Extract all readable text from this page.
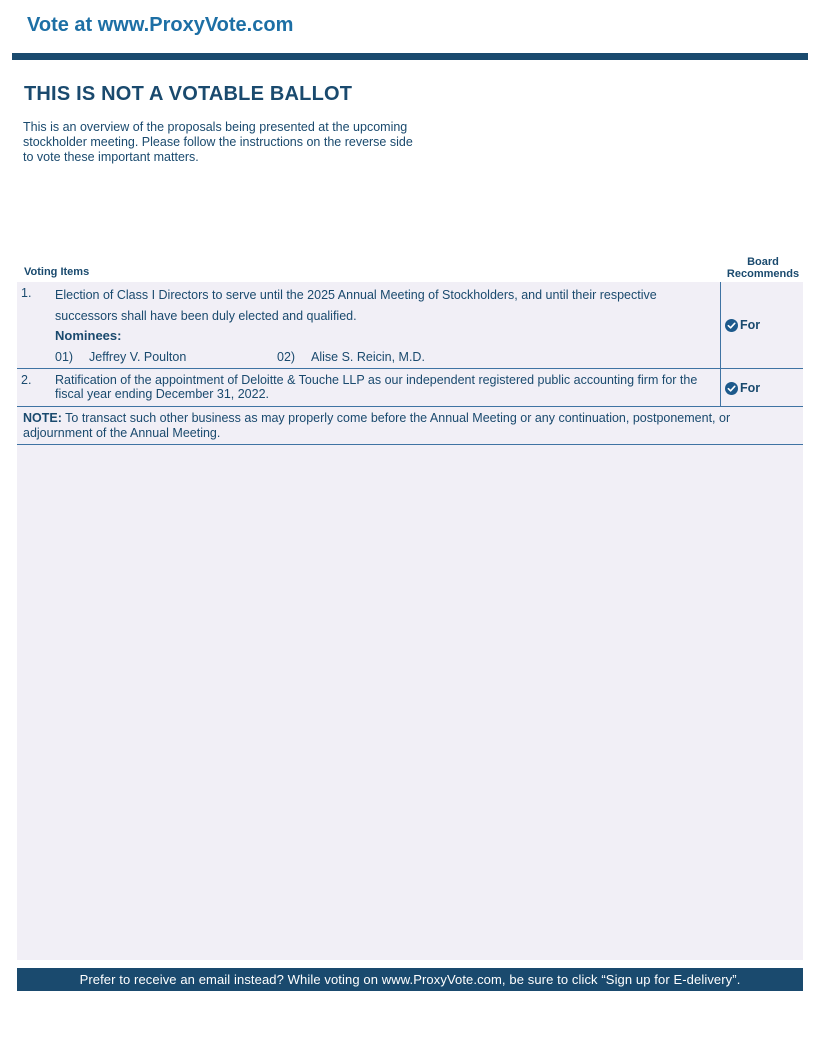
Vote at www.ProxyVote.com
THIS IS NOT A VOTABLE BALLOT
This is an overview of the proposals being presented at the upcoming stockholder meeting. Please follow the instructions on the reverse side to vote these important matters.
Voting Items
Board
Recommends
1. Election of Class I Directors to serve until the 2025 Annual Meeting of Stockholders, and until their respective successors shall have been duly elected and qualified.
Nominees:
01) Jeffrey V. Poulton	02) Alise S. Reicin, M.D.
For
2. Ratification of the appointment of Deloitte & Touche LLP as our independent registered public accounting firm for the fiscal year ending December 31, 2022.	For
NOTE: To transact such other business as may properly come before the Annual Meeting or any continuation, postponement, or adjournment of the Annual Meeting.
Prefer to receive an email instead? While voting on www.ProxyVote.com, be sure to click “Sign up for E-delivery”.
